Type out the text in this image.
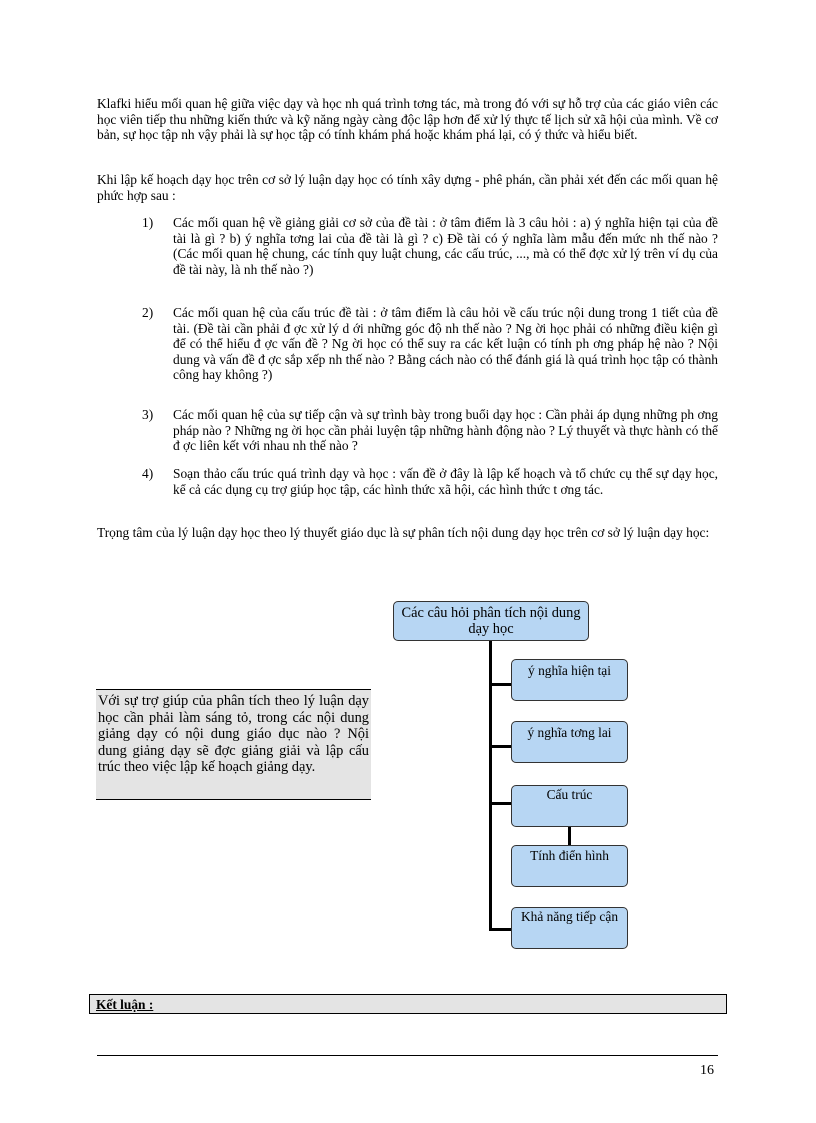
Klafki hiểu mối quan hệ giữa việc dạy và học nh quá trình tơng tác, mà trong đó với sự hỗ trợ của các giáo viên các học viên tiếp thu những kiến thức và kỹ năng ngày càng độc lập hơn để xử lý thực tế lịch sử xã hội của mình. Về cơ bản, sự học tập nh vậy phải là sự học tập có tính khám phá hoặc khám phá lại, có ý thức và hiểu biết.
Khi lập kế hoạch dạy học trên cơ sở lý luận dạy học có tính xây dựng - phê phán, cần phải xét đến các mối quan hệ phức hợp sau :
1)	Các mối quan hệ về giảng giải cơ sở của đề tài : ở tâm điểm là 3 câu hỏi : a) ý nghĩa hiện tại của đề tài là gì ? b) ý nghĩa tơng lai của đề tài là gì ? c) Đề tài có ý nghĩa làm mẫu đến mức nh thế nào ? (Các mối quan hệ chung, các tính quy luật chung, các cấu trúc, ..., mà có thể đợc xử lý trên ví dụ của đề tài này, là nh thế nào ?)
2)	Các mối quan hệ của cấu trúc đề tài : ở tâm điểm là câu hỏi về cấu trúc nội dung trong 1 tiết của đề tài. (Đề tài cần phải đ ợc xử lý d ới những góc độ nh thế nào ? Ng ời học phải có những điều kiện gì để có thể hiểu đ ợc vấn đề ? Ng ời học có thể suy ra các kết luận có tính ph ơng pháp hệ nào ? Nội dung và vấn đề đ ợc sắp xếp nh thế nào ? Bằng cách nào có thể đánh giá là quá trình học tập có thành công hay không ?)
3)	Các mối quan hệ của sự tiếp cận và sự trình bày trong buổi dạy học : Cần phải áp dụng những ph ơng pháp nào ? Những ng ời học cần phải luyện tập những hành động nào ? Lý thuyết và thực hành có thể đ ợc liên kết với nhau nh thế nào ?
4)	Soạn thảo cấu trúc quá trình dạy và học : vấn đề ở đây là lập kế hoạch và tổ chức cụ thể sự dạy học, kể cả các dụng cụ trợ giúp học tập, các hình thức xã hội, các hình thức t ơng tác.
Trọng tâm của lý luận dạy học theo lý thuyết giáo dục là sự phân tích nội dung dạy học trên cơ sở lý luận dạy học:
Các câu hỏi phân tích nội dung dạy học
ý nghĩa hiện tại
ý nghĩa tơng lai
Cấu trúc
Tính điển hình
Khả năng tiếp cận
Với sự trợ giúp của phân tích theo lý luận dạy học cần phải làm sáng tỏ, trong các nội dung giảng dạy có nội dung giáo dục nào ? Nội dung giảng dạy sẽ đợc giảng giải và lập cấu trúc theo việc lập kế hoạch giảng dạy.
Kết luận :
16
